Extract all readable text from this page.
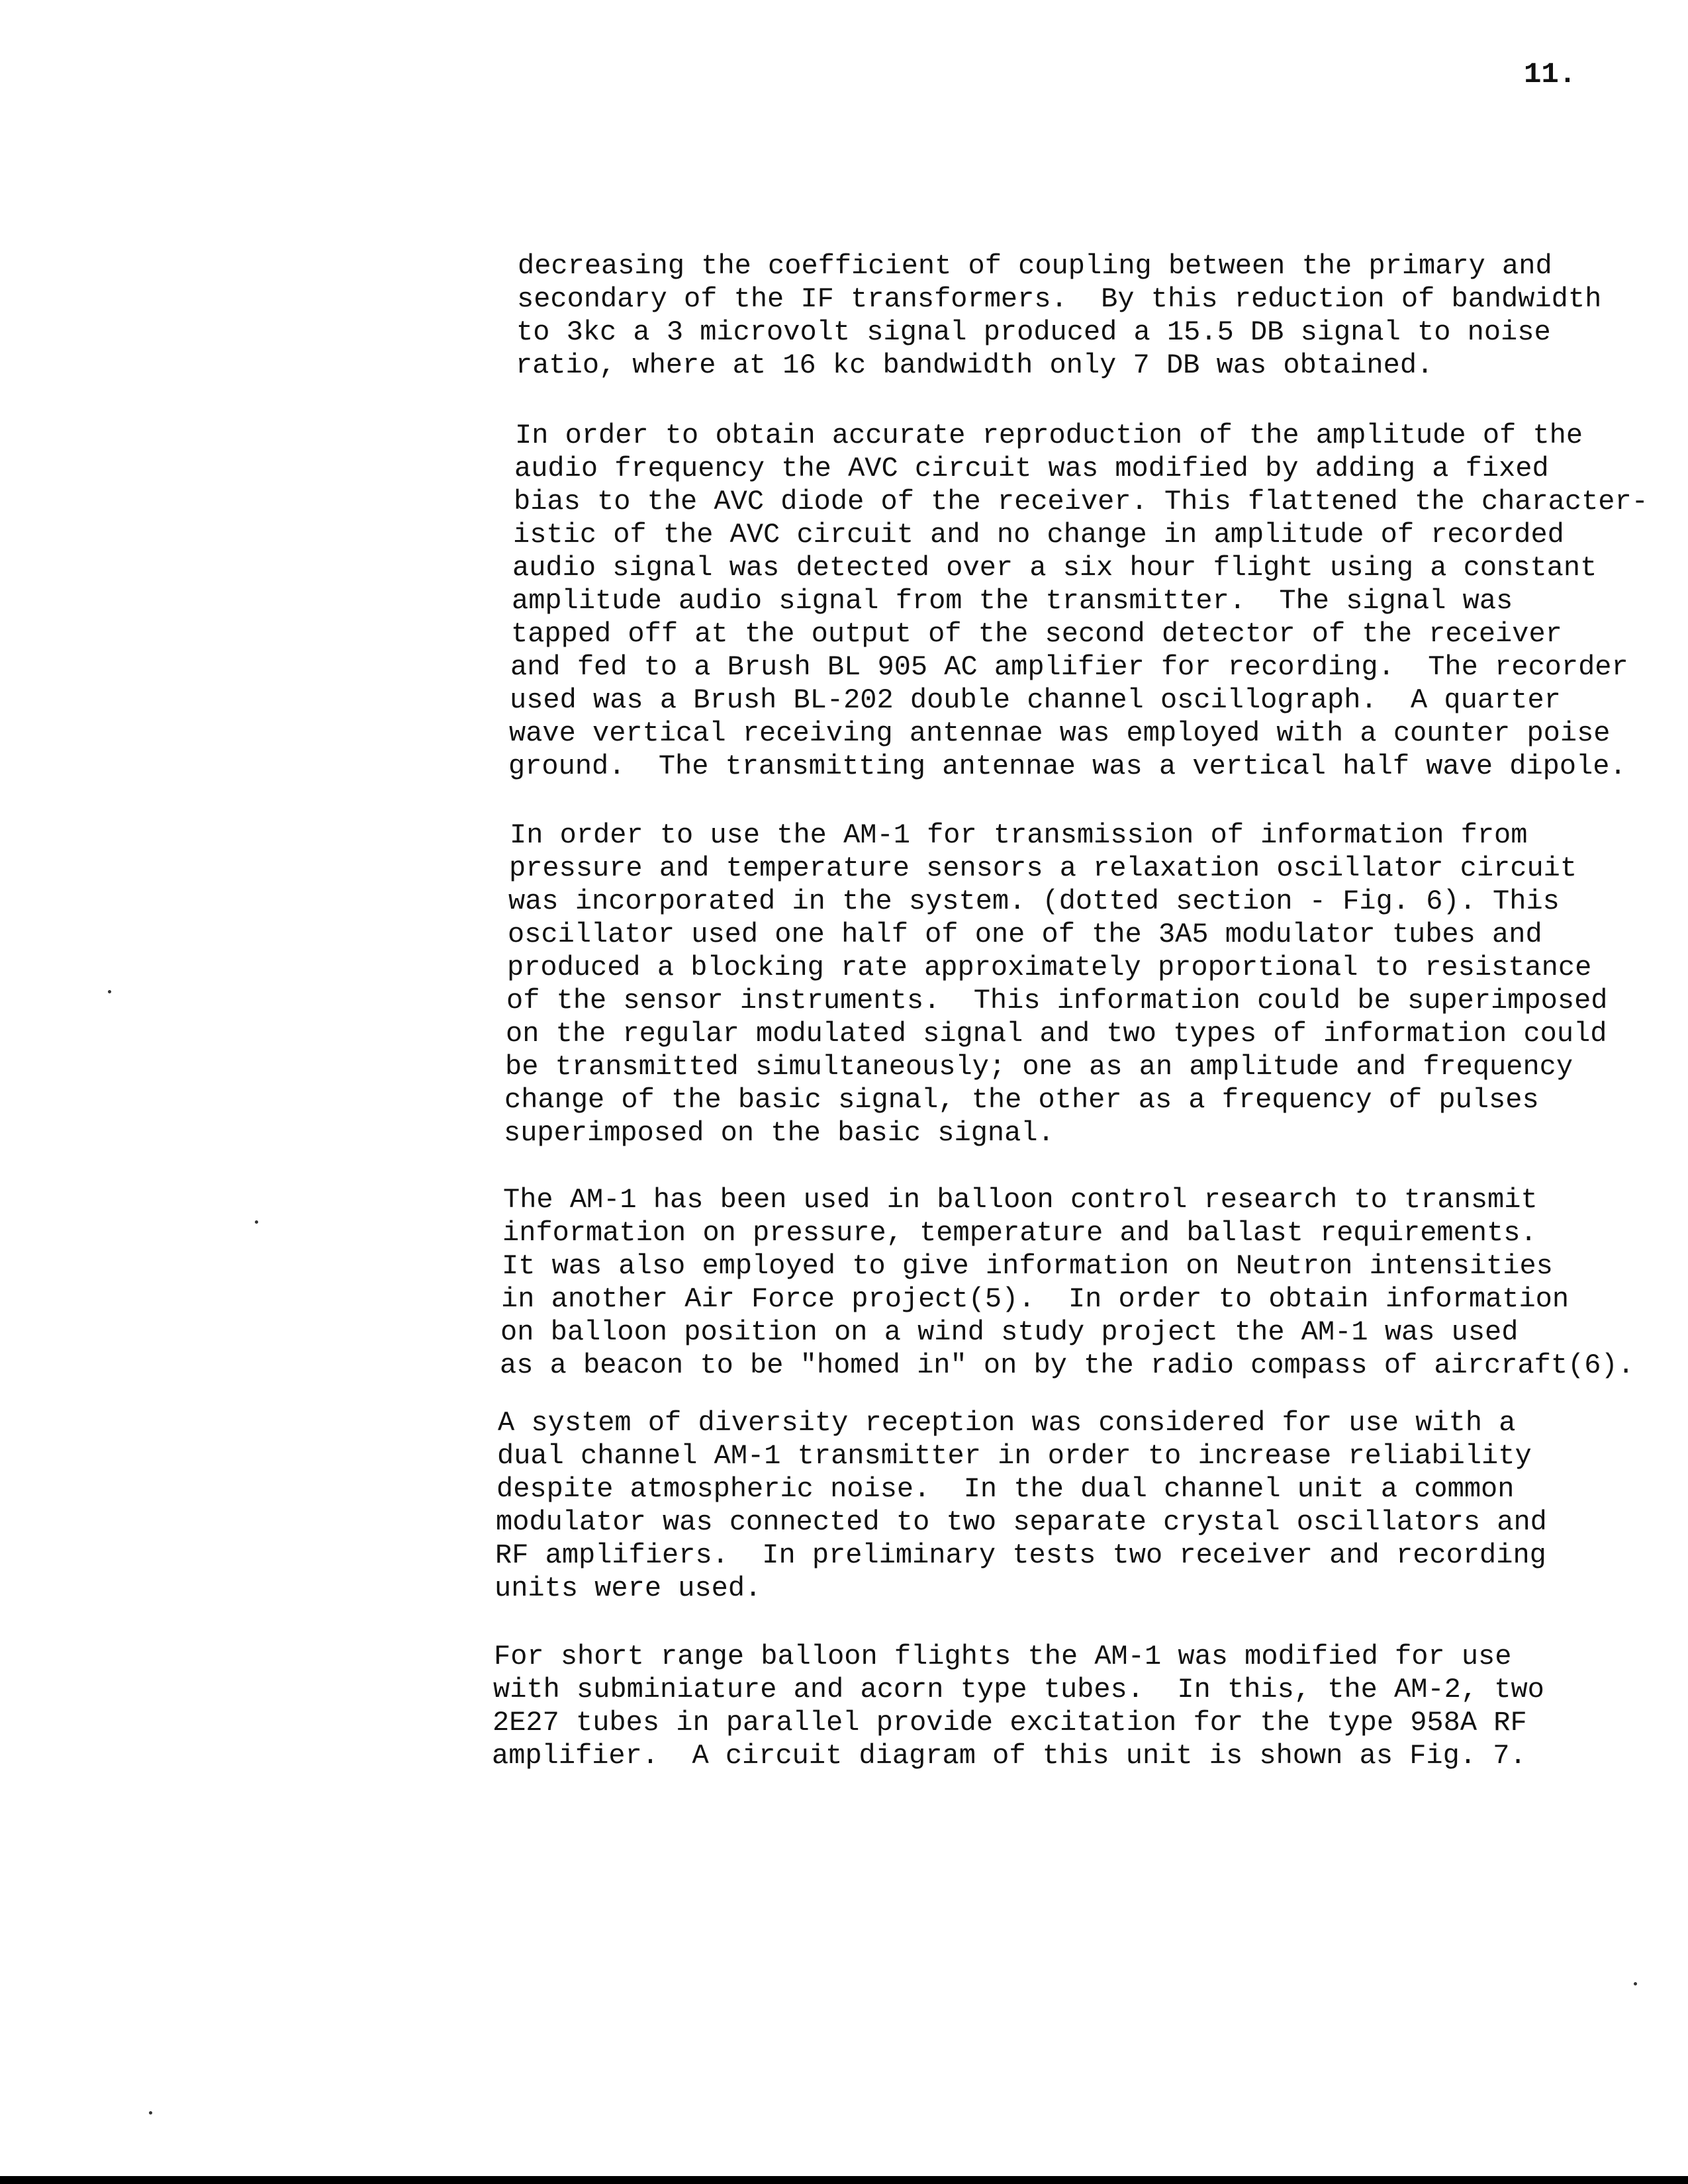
11.
decreasing the coefficient of coupling between the primary and
secondary of the IF transformers.  By this reduction of bandwidth
to 3kc a 3 microvolt signal produced a 15.5 DB signal to noise
ratio, where at 16 kc bandwidth only 7 DB was obtained.
In order to obtain accurate reproduction of the amplitude of the
audio frequency the AVC circuit was modified by adding a fixed
bias to the AVC diode of the receiver. This flattened the character-
istic of the AVC circuit and no change in amplitude of recorded
audio signal was detected over a six hour flight using a constant
amplitude audio signal from the transmitter.  The signal was
tapped off at the output of the second detector of the receiver
and fed to a Brush BL 905 AC amplifier for recording.  The recorder
used was a Brush BL-202 double channel oscillograph.  A quarter
wave vertical receiving antennae was employed with a counter poise
ground.  The transmitting antennae was a vertical half wave dipole.
In order to use the AM-1 for transmission of information from
pressure and temperature sensors a relaxation oscillator circuit
was incorporated in the system. (dotted section - Fig. 6). This
oscillator used one half of one of the 3A5 modulator tubes and
produced a blocking rate approximately proportional to resistance
of the sensor instruments.  This information could be superimposed
on the regular modulated signal and two types of information could
be transmitted simultaneously; one as an amplitude and frequency
change of the basic signal, the other as a frequency of pulses
superimposed on the basic signal.
The AM-1 has been used in balloon control research to transmit
information on pressure, temperature and ballast requirements.
It was also employed to give information on Neutron intensities
in another Air Force project(5).  In order to obtain information
on balloon position on a wind study project the AM-1 was used
as a beacon to be "homed in" on by the radio compass of aircraft(6).
A system of diversity reception was considered for use with a
dual channel AM-1 transmitter in order to increase reliability
despite atmospheric noise.  In the dual channel unit a common
modulator was connected to two separate crystal oscillators and
RF amplifiers.  In preliminary tests two receiver and recording
units were used.
For short range balloon flights the AM-1 was modified for use
with subminiature and acorn type tubes.  In this, the AM-2, two
2E27 tubes in parallel provide excitation for the type 958A RF
amplifier.  A circuit diagram of this unit is shown as Fig. 7.
